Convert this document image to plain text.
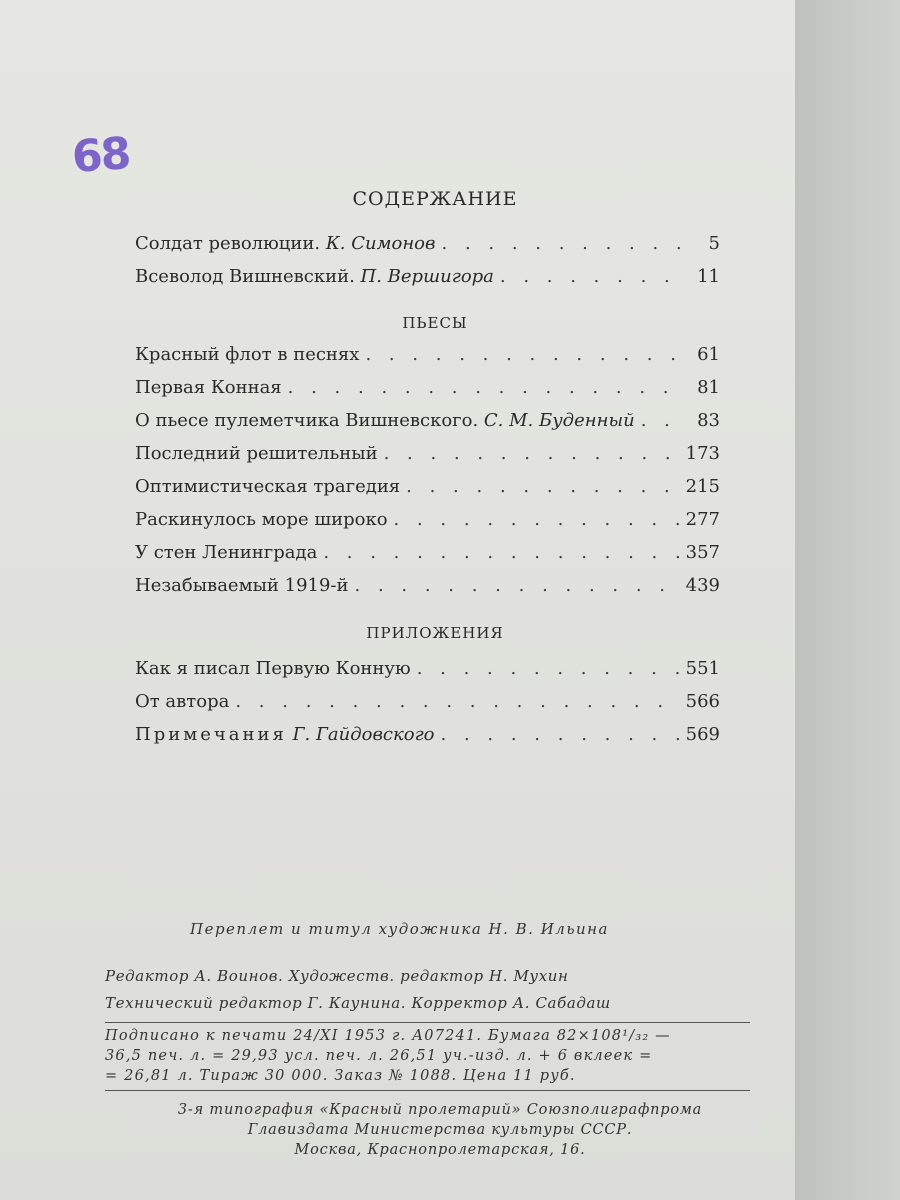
68
СОДЕРЖАНИЕ
Солдат революции. К. Симонов . . .	5
Всеволод Вишневский. П. Вершигора . . .	11
ПЬЕСЫ
Красный флот в песнях . . .	61
Первая Конная . . .	81
О пьесе пулеметчика Вишневского. С. М. Буденный . . .	83
Последний решительный . . .	173
Оптимистическая трагедия . . .	215
Раскинулось море широко . . .	277
У стен Ленинграда . . .	357
Незабываемый 1919-й . . .	439
ПРИЛОЖЕНИЯ
Как я писал Первую Конную . . .	551
От автора . . .	566
Примечания Г. Гайдовского . . .	569
Переплет и титул художника Н. В. Ильина
Редактор А. Воинов. Художеств. редактор Н. Мухин
Технический редактор Г. Каунина. Корректор А. Сабадаш
Подписано к печати 24/XI 1953 г. А07241. Бумага 82×108¹/₃₂ —
36,5 печ. л. = 29,93 усл. печ. л. 26,51 уч.-изд. л. + 6 вклеек =
= 26,81 л. Тираж 30 000. Заказ № 1088. Цена 11 руб.
3-я типография «Красный пролетарий» Союзполиграфпрома
Главиздата Министерства культуры СССР.
Москва, Краснопролетарская, 16.
